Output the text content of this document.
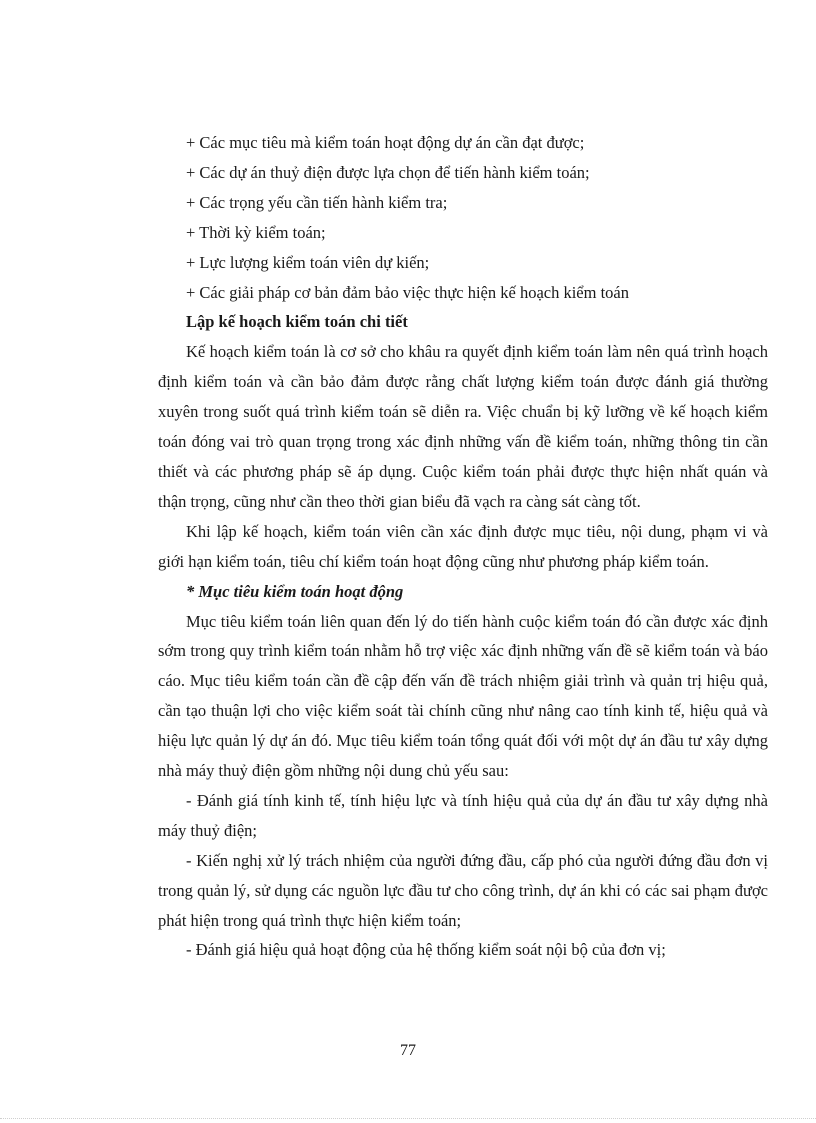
+ Các mục tiêu mà kiểm toán hoạt động dự án cần đạt được;

+ Các dự án thuỷ điện được lựa chọn để tiến hành kiểm toán;

+ Các trọng yếu cần tiến hành kiểm tra;

+ Thời kỳ kiểm toán;

+ Lực lượng kiểm toán viên dự kiến;

+ Các giải pháp cơ bản đảm bảo việc thực hiện kế hoạch kiểm toán

Lập kế hoạch kiểm toán chi tiết

Kế hoạch kiểm toán là cơ sở cho khâu ra quyết định kiểm toán làm nên quá trình hoạch định kiểm toán và cần bảo đảm được rằng chất lượng kiểm toán được đánh giá thường xuyên trong suốt quá trình kiểm toán sẽ diễn ra. Việc chuẩn bị kỹ lưỡng về kế hoạch kiểm toán đóng vai trò quan trọng trong xác định những vấn đề kiểm toán, những thông tin cần thiết và các phương pháp sẽ áp dụng. Cuộc kiểm toán phải được thực hiện nhất quán và thận trọng, cũng như cần theo thời gian biểu đã vạch ra càng sát càng tốt.

Khi lập kế hoạch, kiểm toán viên cần xác định được mục tiêu, nội dung, phạm vi và giới hạn kiểm toán, tiêu chí kiểm toán hoạt động cũng như phương pháp kiểm toán.

* Mục tiêu kiểm toán hoạt động

Mục tiêu kiểm toán liên quan đến lý do tiến hành cuộc kiểm toán đó cần được xác định sớm trong quy trình kiểm toán nhằm hỗ trợ việc xác định những vấn đề sẽ kiểm toán và báo cáo. Mục tiêu kiểm toán cần đề cập đến vấn đề trách nhiệm giải trình và quản trị hiệu quả, cần tạo thuận lợi cho việc kiểm soát tài chính cũng như nâng cao tính kinh tế, hiệu quả và hiệu lực quản lý dự án đó. Mục tiêu kiểm toán tổng quát đối với một dự án đầu tư xây dựng nhà máy thuỷ điện gồm những nội dung chủ yếu sau:

- Đánh giá tính kinh tế, tính hiệu lực và tính hiệu quả của dự án đầu tư xây dựng nhà máy thuỷ điện;

- Kiến nghị xử lý trách nhiệm của người đứng đầu, cấp phó của người đứng đầu đơn vị trong quản lý, sử dụng các nguồn lực đầu tư cho công trình, dự án khi có các sai phạm được phát hiện trong quá trình thực hiện kiểm toán;

- Đánh giá hiệu quả hoạt động của hệ thống kiểm soát nội bộ của đơn vị;

77
